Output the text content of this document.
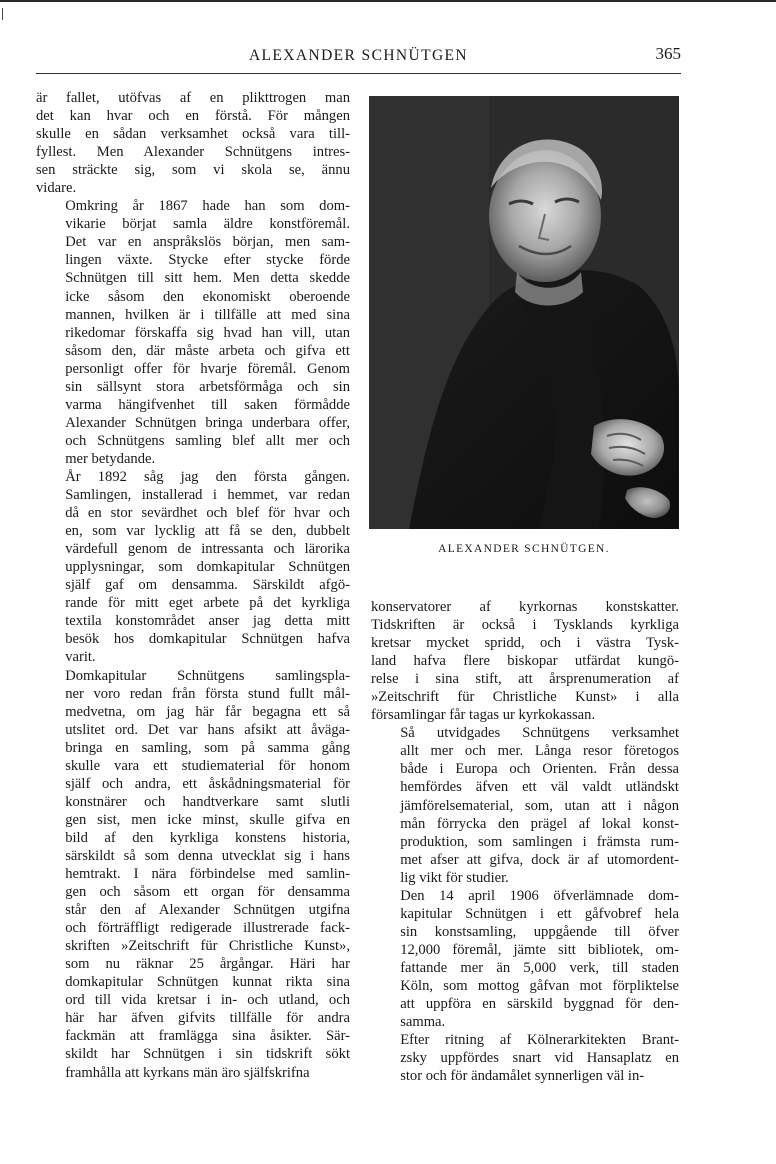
ALEXANDER SCHNÜTGEN	365

är fallet, utöfvas af en plikttrogen man
det kan hvar och en förstå. För mången
skulle en sådan verksamhet också vara till-
fyllest. Men Alexander Schnütgens intres-
sen sträckte sig, som vi skola se, ännu
vidare.

Omkring år 1867 hade han som dom-
vikarie börjat samla äldre konstföremål.
Det var en anspråkslös början, men sam-
lingen växte. Stycke efter stycke förde
Schnütgen till sitt hem. Men detta skedde
icke såsom den ekonomiskt oberoende
mannen, hvilken är i tillfälle att med sina
rikedomar förskaffa sig hvad han vill, utan
såsom den, där måste arbeta och gifva ett
personligt offer för hvarje föremål. Genom
sin sällsynt stora arbetsförmåga och sin
varma hängifvenhet till saken förmådde
Alexander Schnütgen bringa underbara offer,
och Schnütgens samling blef allt mer och
mer betydande.

År 1892 såg jag den första gången.
Samlingen, installerad i hemmet, var redan
då en stor sevärdhet och blef för hvar och
en, som var lycklig att få se den, dubbelt
värdefull genom de intressanta och lärorika
upplysningar, som domkapitular Schnütgen
själf gaf om densamma. Särskildt afgö-
rande för mitt eget arbete på det kyrkliga
textila konstområdet anser jag detta mitt
besök hos domkapitular Schnütgen hafva
varit.

Domkapitular Schnütgens samlingspla-
ner voro redan från första stund fullt mål-
medvetna, om jag här får begagna ett så
utslitet ord. Det var hans afsikt att åväga-
bringa en samling, som på samma gång
skulle vara ett studiematerial för honom
själf och andra, ett åskådningsmaterial för
konstnärer och handtverkare samt slutli
gen sist, men icke minst, skulle gifva en
bild af den kyrkliga konstens historia,
särskildt så som denna utvecklat sig i hans
hemtrakt. I nära förbindelse med samlin-
gen och såsom ett organ för densamma
står den af Alexander Schnütgen utgifna
och förträffligt redigerade illustrerade fack-
skriften »Zeitschrift für Christliche Kunst»,
som nu räknar 25 årgångar. Häri har
domkapitular Schnütgen kunnat rikta sina
ord till vida kretsar i in- och utland, och
här har äfven gifvits tillfälle för andra
fackmän att framlägga sina åsikter. Sär-
skildt har Schnütgen i sin tidskrift sökt
framhålla att kyrkans män äro själfskrifna

ALEXANDER SCHNÜTGEN.

konservatorer af kyrkornas konstskatter.
Tidskriften är också i Tysklands kyrkliga
kretsar mycket spridd, och i västra Tysk-
land hafva flere biskopar utfärdat kungö-
relse i sina stift, att årsprenumeration af
»Zeitschrift für Christliche Kunst» i alla
församlingar får tagas ur kyrkokassan.

Så utvidgades Schnütgens verksamhet
allt mer och mer. Långa resor företogos
både i Europa och Orienten. Från dessa
hemfördes äfven ett väl valdt utländskt
jämförelsematerial, som, utan att i någon
mån förrycka den prägel af lokal konst-
produktion, som samlingen i främsta rum-
met afser att gifva, dock är af utomordent-
lig vikt för studier.

Den 14 april 1906 öfverlämnade dom-
kapitular Schnütgen i ett gåfvobref hela
sin konstsamling, uppgående till öfver
12,000 föremål, jämte sitt bibliotek, om-
fattande mer än 5,000 verk, till staden
Köln, som mottog gåfvan mot förpliktelse
att uppföra en särskild byggnad för den-
samma.

Efter ritning af Kölnerarkitekten Brant-
zsky uppfördes snart vid Hansaplatz en
stor och för ändamålet synnerligen väl in-
